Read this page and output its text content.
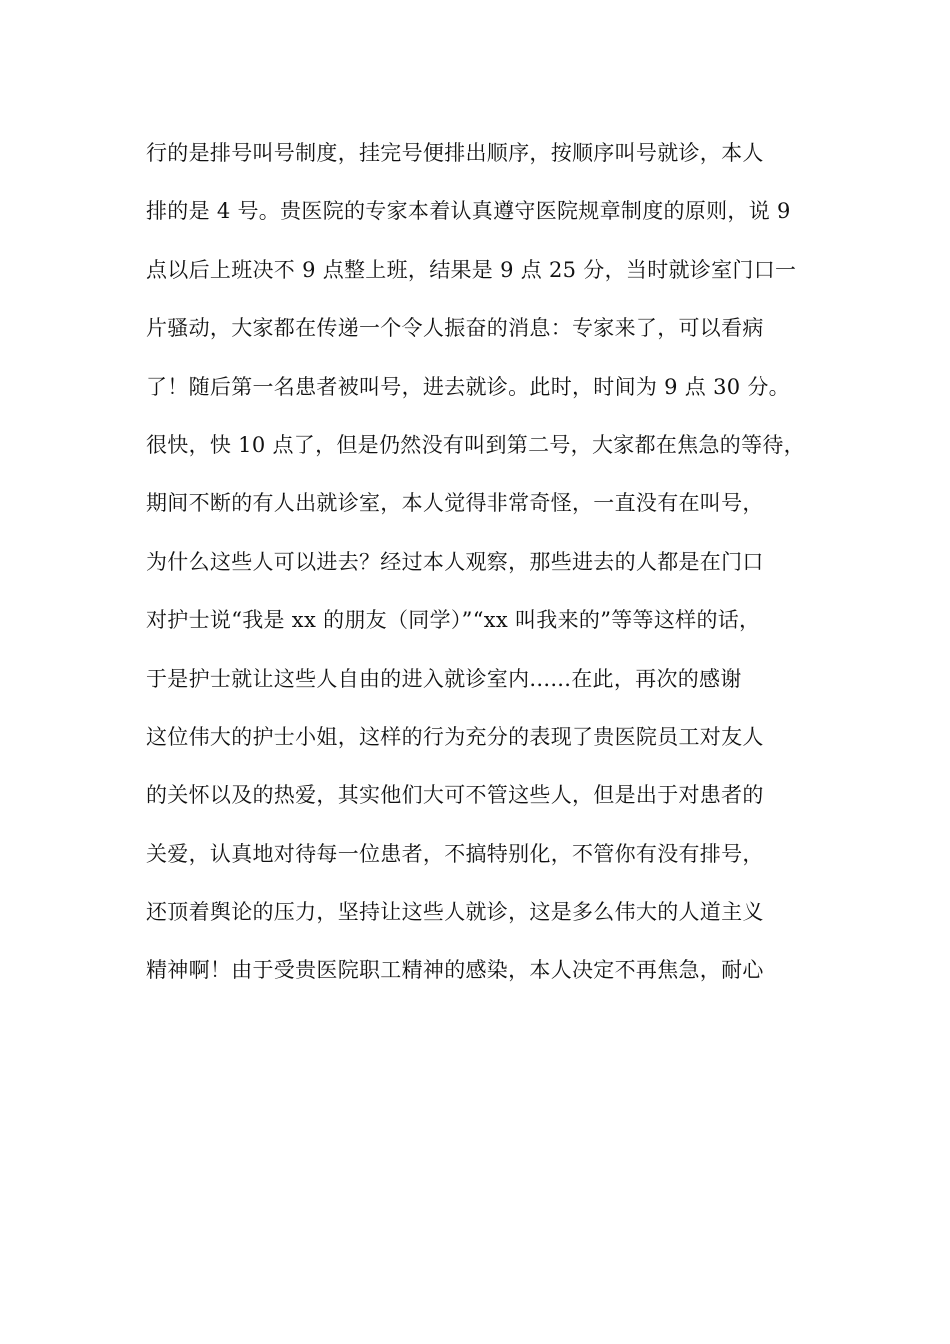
行的是排号叫号制度，挂完号便排出顺序，按顺序叫号就诊，本人
排的是 4 号。贵医院的专家本着认真遵守医院规章制度的原则，说 9
点以后上班决不 9 点整上班，结果是 9 点 25 分，当时就诊室门口一
片骚动，大家都在传递一个令人振奋的消息：专家来了，可以看病
了！随后第一名患者被叫号，进去就诊。此时，时间为 9 点 30 分。
很快，快 10 点了，但是仍然没有叫到第二号，大家都在焦急的等待，
期间不断的有人出就诊室，本人觉得非常奇怪，一直没有在叫号，
为什么这些人可以进去？经过本人观察，那些进去的人都是在门口
对护士说“我是 xx 的朋友（同学）”“xx 叫我来的”等等这样的话，
于是护士就让这些人自由的进入就诊室内......在此，再次的感谢
这位伟大的护士小姐，这样的行为充分的表现了贵医院员工对友人
的关怀以及的热爱，其实他们大可不管这些人，但是出于对患者的
关爱，认真地对待每一位患者，不搞特别化，不管你有没有排号，
还顶着舆论的压力，坚持让这些人就诊，这是多么伟大的人道主义
精神啊！由于受贵医院职工精神的感染，本人决定不再焦急，耐心
